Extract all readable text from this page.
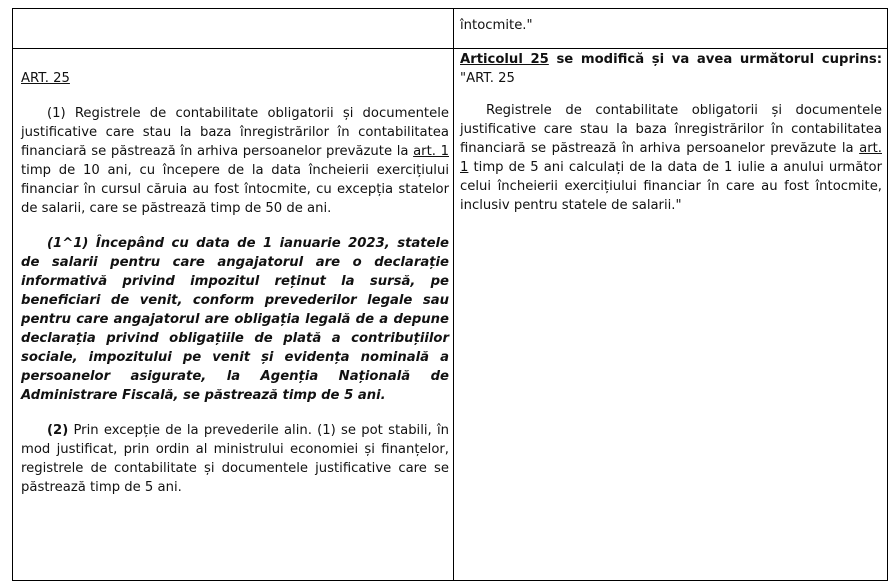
întocmite."

ART. 25

(1) Registrele de contabilitate obligatorii și documentele justificative care stau la baza înregistrărilor în contabilitatea financiară se păstrează în arhiva persoanelor prevăzute la art. 1 timp de 10 ani, cu începere de la data încheierii exercițiului financiar în cursul căruia au fost întocmite, cu excepția statelor de salarii, care se păstrează timp de 50 de ani.

(1^1) Începând cu data de 1 ianuarie 2023, statele de salarii pentru care angajatorul are o declarație informativă privind impozitul reținut la sursă, pe beneficiari de venit, conform prevederilor legale sau pentru care angajatorul are obligația legală de a depune declarația privind obligațiile de plată a contribuțiilor sociale, impozitului pe venit și evidența nominală a persoanelor asigurate, la Agenția Națională de Administrare Fiscală, se păstrează timp de 5 ani.

(2) Prin excepție de la prevederile alin. (1) se pot stabili, în mod justificat, prin ordin al ministrului economiei și finanțelor, registrele de contabilitate și documentele justificative care se păstrează timp de 5 ani.

Articolul 25 se modifică și va avea următorul cuprins:

"ART. 25

Registrele de contabilitate obligatorii și documentele justificative care stau la baza înregistrărilor în contabilitatea financiară se păstrează în arhiva persoanelor prevăzute la art. 1 timp de 5 ani calculați de la data de 1 iulie a anului următor celui încheierii exercițiului financiar în care au fost întocmite, inclusiv pentru statele de salarii."
